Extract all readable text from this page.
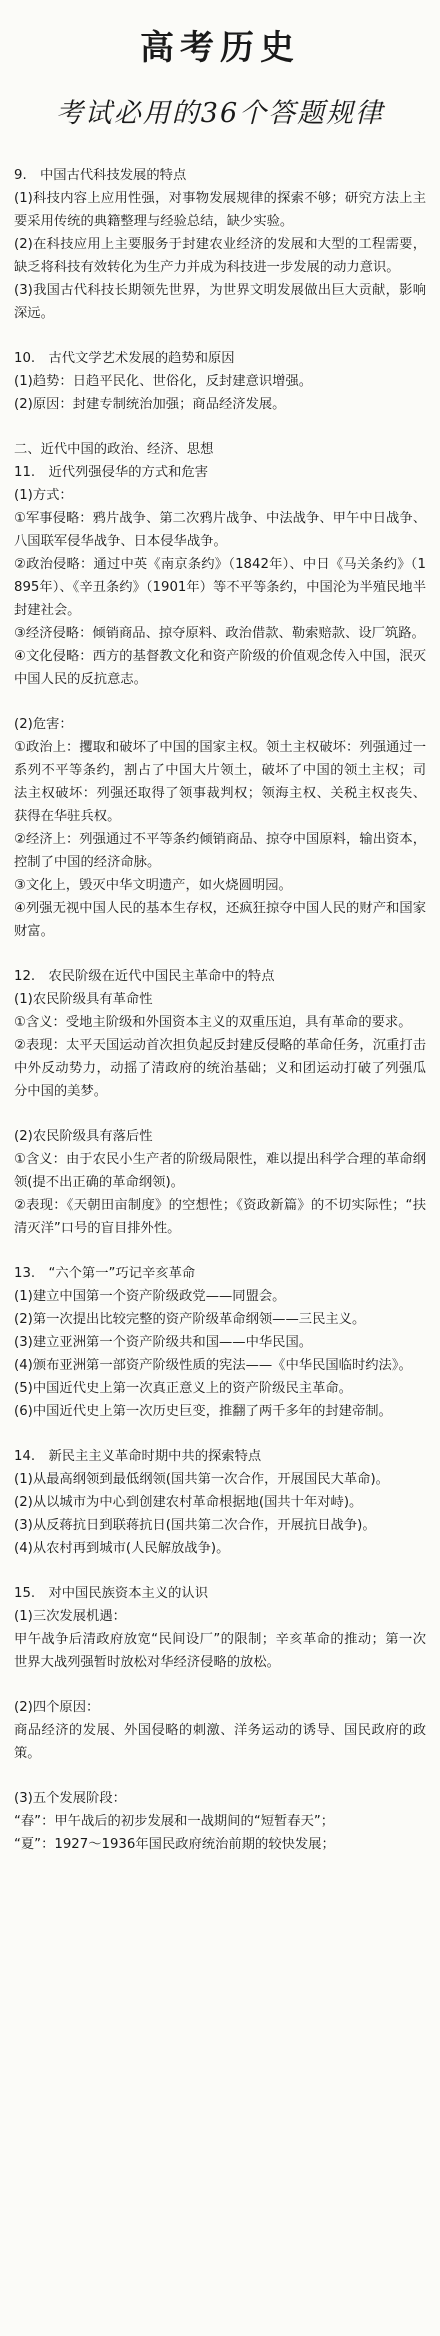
高考历史
考试必用的36个答题规律

9.　中国古代科技发展的特点

(1)科技内容上应用性强，对事物发展规律的探索不够；研究方法上主要采用传统的典籍整理与经验总结，缺少实验。

(2)在科技应用上主要服务于封建农业经济的发展和大型的工程需要，缺乏将科技有效转化为生产力并成为科技进一步发展的动力意识。

(3)我国古代科技长期领先世界，为世界文明发展做出巨大贡献，影响深远。

10.　古代文学艺术发展的趋势和原因

(1)趋势：日趋平民化、世俗化，反封建意识增强。

(2)原因：封建专制统治加强；商品经济发展。

二、近代中国的政治、经济、思想

11.　近代列强侵华的方式和危害

(1)方式：

①军事侵略：鸦片战争、第二次鸦片战争、中法战争、甲午中日战争、八国联军侵华战争、日本侵华战争。

②政治侵略：通过中英《南京条约》（1842年）、中日《马关条约》（1895年）、《辛丑条约》（1901年）等不平等条约，中国沦为半殖民地半封建社会。

③经济侵略：倾销商品、掠夺原料、政治借款、勒索赔款、设厂筑路。

④文化侵略：西方的基督教文化和资产阶级的价值观念传入中国，泯灭中国人民的反抗意志。

(2)危害：

①政治上：攫取和破坏了中国的国家主权。领土主权破坏：列强通过一系列不平等条约，割占了中国大片领土，破坏了中国的领土主权；司法主权破坏：列强还取得了领事裁判权；领海主权、关税主权丧失、获得在华驻兵权。

②经济上：列强通过不平等条约倾销商品、掠夺中国原料，输出资本，控制了中国的经济命脉。

③文化上，毁灭中华文明遗产，如火烧圆明园。

④列强无视中国人民的基本生存权，还疯狂掠夺中国人民的财产和国家财富。

12.　农民阶级在近代中国民主革命中的特点

(1)农民阶级具有革命性

①含义：受地主阶级和外国资本主义的双重压迫，具有革命的要求。

②表现：太平天国运动首次担负起反封建反侵略的革命任务，沉重打击中外反动势力，动摇了清政府的统治基础；义和团运动打破了列强瓜分中国的美梦。

(2)农民阶级具有落后性

①含义：由于农民小生产者的阶级局限性，难以提出科学合理的革命纲领(提不出正确的革命纲领)。

②表现：《天朝田亩制度》的空想性；《资政新篇》的不切实际性；“扶清灭洋”口号的盲目排外性。

13.　“六个第一”巧记辛亥革命

(1)建立中国第一个资产阶级政党——同盟会。

(2)第一次提出比较完整的资产阶级革命纲领——三民主义。

(3)建立亚洲第一个资产阶级共和国——中华民国。

(4)颁布亚洲第一部资产阶级性质的宪法——《中华民国临时约法》。

(5)中国近代史上第一次真正意义上的资产阶级民主革命。

(6)中国近代史上第一次历史巨变，推翻了两千多年的封建帝制。

14.　新民主主义革命时期中共的探索特点

(1)从最高纲领到最低纲领(国共第一次合作，开展国民大革命)。

(2)从以城市为中心到创建农村革命根据地(国共十年对峙)。

(3)从反蒋抗日到联蒋抗日(国共第二次合作，开展抗日战争)。

(4)从农村再到城市(人民解放战争)。

15.　对中国民族资本主义的认识

(1)三次发展机遇：

甲午战争后清政府放宽“民间设厂”的限制；辛亥革命的推动；第一次世界大战列强暂时放松对华经济侵略的放松。

(2)四个原因：

商品经济的发展、外国侵略的刺激、洋务运动的诱导、国民政府的政策。

(3)五个发展阶段：

“春”：甲午战后的初步发展和一战期间的“短暂春天”；

“夏”：1927～1936年国民政府统治前期的较快发展；
